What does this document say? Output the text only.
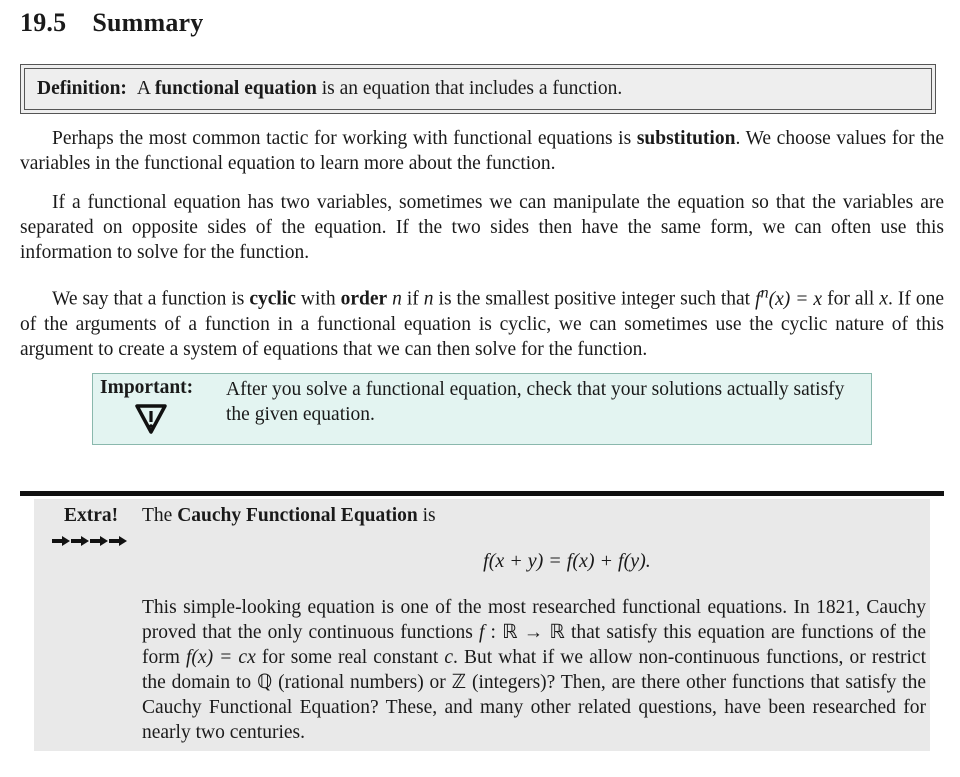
19.5 Summary
Definition: A functional equation is an equation that includes a function.
Perhaps the most common tactic for working with functional equations is substitution. We choose values for the variables in the functional equation to learn more about the function.
If a functional equation has two variables, sometimes we can manipulate the equation so that the variables are separated on opposite sides of the equation. If the two sides then have the same form, we can often use this information to solve for the function.
We say that a function is cyclic with order n if n is the smallest positive integer such that $f^n(x) = x$ for all x. If one of the arguments of a function in a functional equation is cyclic, we can sometimes use the cyclic nature of this argument to create a system of equations that we can then solve for the function.
Important: After you solve a functional equation, check that your solutions actually satisfy the given equation.
Extra! The Cauchy Functional Equation is
f(x + y) = f(x) + f(y).
This simple-looking equation is one of the most researched functional equations. In 1821, Cauchy proved that the only continuous functions f : ℝ → ℝ that satisfy this equation are functions of the form f(x) = cx for some real constant c. But what if we allow non-continuous functions, or restrict the domain to ℚ (rational numbers) or ℤ (integers)? Then, are there other functions that satisfy the Cauchy Functional Equation? These, and many other related questions, have been researched for nearly two centuries.
